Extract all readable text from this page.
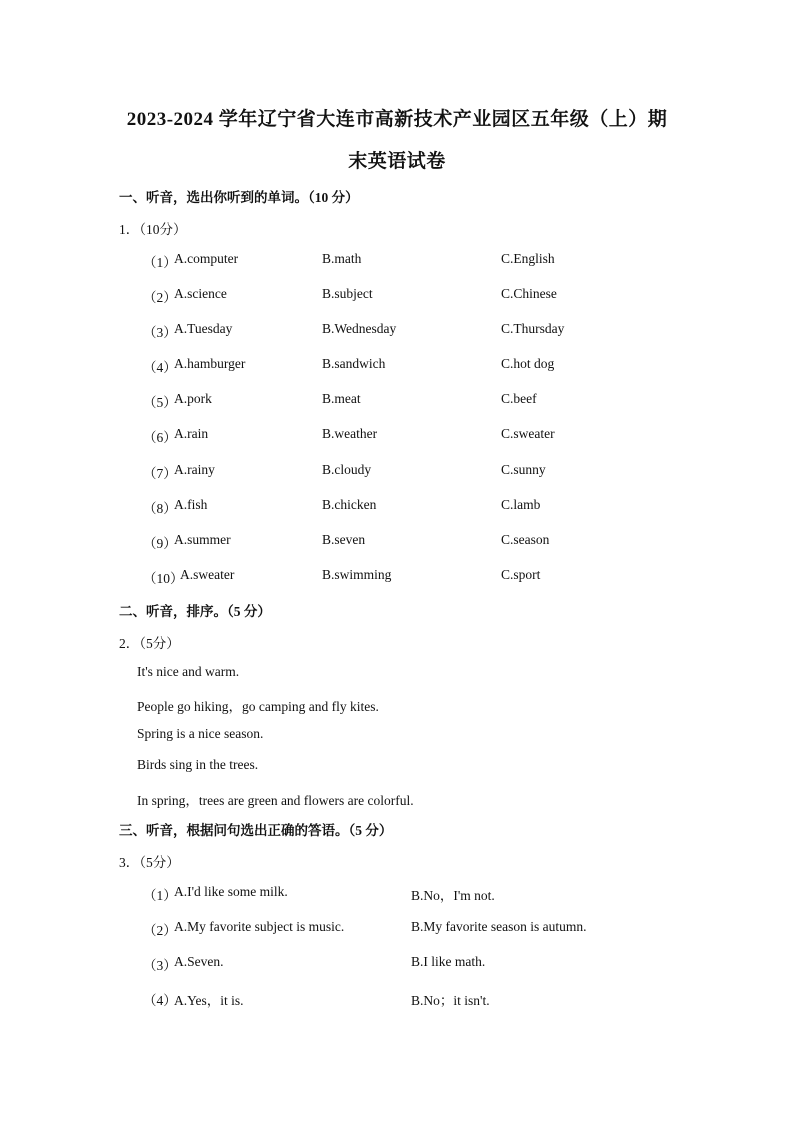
2023-2024 学年辽宁省大连市高新技术产业园区五年级（上）期
末英语试卷
一、听音，选出你听到的单词。（10 分）
1．（10分）
（1）
A.computer	B.math	C.English
（2）
A.science	B.subject	C.Chinese
（3）
A.Tuesday	B.Wednesday	C.Thursday
（4）
A.hamburger	B.sandwich	C.hot dog
（5）
A.pork	B.meat	C.beef
（6）
A.rain	B.weather	C.sweater
（7）
A.rainy	B.cloudy	C.sunny
（8）
A.fish	B.chicken	C.lamb
（9）
A.summer	B.seven	C.season
（10）
A.sweater	B.swimming	C.sport
二、听音，排序。（5 分）
2．（5分）
It's nice and warm.
People go hiking，go camping and fly kites.
Spring is a nice season.
Birds sing in the trees.
In spring，trees are green and flowers are colorful.
三、听音，根据问句选出正确的答语。（5 分）
3．（5分）
（1）
A.I'd like some milk.	B.No，I'm not.
（2）
A.My favorite subject is music.	B.My favorite season is autumn.
（3）
A.Seven.	B.I like math.
（4）
A.Yes，it is.	B.No；it isn't.
